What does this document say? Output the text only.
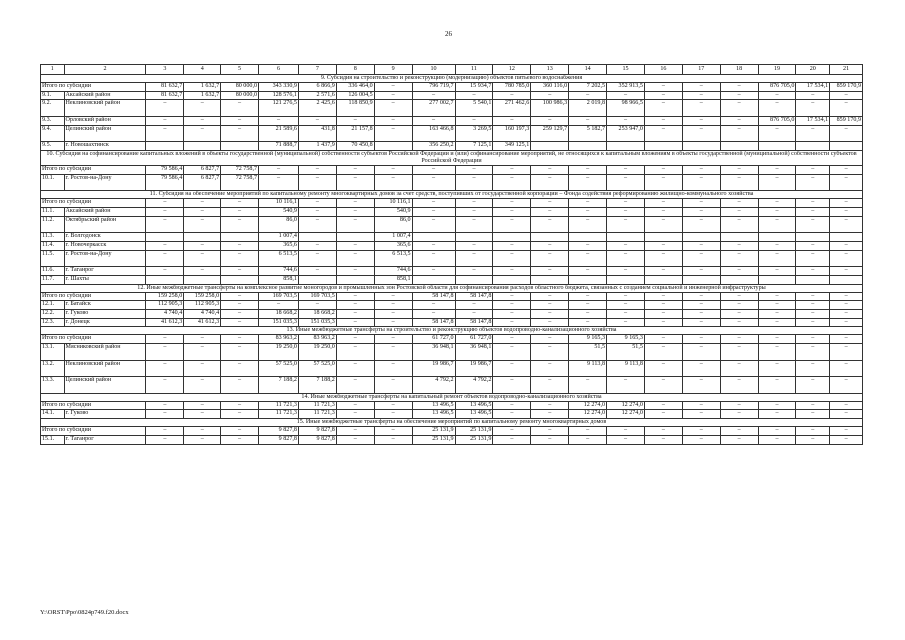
26
1	2	3	4	5	6	7	8	9	10	11	12	13	14	15	16	17	18	19	20	21
9. Субсидия на строительство и реконструкцию (модернизацию) объектов питьевого водоснабжения																				
Итого по субсидии		81 632,7	1 632,7	80 000,0	343 330,9	6 866,9	336 464,0	–	796 719,7	15 934,7	780 785,0	360 116,0	7 202,5	352 913,5	–	–	–	876 705,0	17 534,1	859 170,9
9.1.	Аксайский район	81 632,7	1 632,7	80 000,0	128 576,1	2 571,6	126 004,5	–	–	–	–	–	–	–	–	–	–	–	–	–
9.2.	Неклиновский район	–	–	–	121 276,5	2 425,6	118 850,9	–	277 002,7	5 540,1	271 462,6	100 986,3	2 019,8	98 966,5	–	–	–	–	–	–
9.3.	Орловский район	–	–	–	–	–	–	–	–	–	–	–	–	–	–	–	–	876 705,0	17 534,1	859 170,9
9.4.	Целинский район	–	–	–	21 589,6	431,8	21 157,8	–	163 466,8	3 269,5	160 197,3	259 129,7	5 182,7	253 947,0	–	–	–	–	–	–
9.5.	г. Новошахтинск				71 888,7	1 437,9	70 450,8		356 250,2	7 125,1	349 125,1									
10. Субсидия на софинансирование капитальных вложений в объекты государственной (муниципальной) собственности субъектов Российской Федерации и (или) софинансирование мероприятий, не относящихся к капитальным вложениям в объекты государственной (муниципальной) собственности субъектов Российской Федерации																				
Итого по субсидии		79 586,4	6 827,7	72 758,7	–	–	–	–	–	–	–	–	–	–	–	–	–	–	–	–
10.1.	г. Ростов-на-Дону	79 586,4	6 827,7	72 758,7	–	–	–	–	–	–	–	–	–	–	–	–	–	–	–	–
11. Субсидия на обеспечение мероприятий по капитальному ремонту многоквартирных домов за счет средств, поступивших от государственной корпорации – Фонда содействия реформированию жилищно-коммунального хозяйства																				
Итого по субсидии		–	–	–	10 116,1	–	–	10 116,1	–	–	–	–	–	–	–	–	–	–	–	–
11.1.	Аксайский район	–	–	–	540,9	–	–	540,9	–	–	–	–	–	–	–	–	–	–	–	–
11.2.	Октябрьский район	–	–	–	86,0	–	–	86,0	–	–	–	–	–	–	–	–	–	–	–	–
11.3.	г. Волгодонск				1 007,4			1 007,4												
11.4.	г. Новочеркасск	–	–	–	365,6	–	–	365,6	–	–	–	–	–	–	–	–	–	–	–	–
11.5.	г. Ростов-на-Дону	–	–	–	6 513,5	–	–	6 513,5	–	–	–	–	–	–	–	–	–	–	–	–
11.6.	г. Таганрог	–	–	–	744,6	–	–	744,6	–	–	–	–	–	–	–	–	–	–	–	–
11.7.	г. Шахты				858,1			858,1												
12. Иные межбюджетные трансферты на комплексное развитие моногородов и промышленных зон Ростовской области для софинансирования расходов областного бюджета, связанных с созданием социальной и инженерной инфраструктуры																				
Итого по субсидии		159 258,0	159 258,0	–	169 703,5	169 703,5	–	–	58 147,8	58 147,8	–	–	–	–	–	–	–	–	–	–
12.1.	г. Батайск	112 905,3	112 905,3	–	–	–	–	–	–	–	–	–	–	–	–	–	–	–	–	–
12.2.	г. Гуково	4 740,4	4 740,4	–	18 668,2	18 668,2	–	–	–	–	–	–	–	–	–	–	–	–	–	–
12.3.	г. Донецк	41 612,3	41 612,3	–	151 035,3	151 035,3	–	–	58 147,8	58 147,8	–	–	–	–	–	–	–	–	–	–
13. Иные межбюджетные трансферты на строительство и реконструкцию объектов водопроводно-канализационного хозяйства																				
Итого по субсидии		–	–	–	83 963,2	83 963,2	–	–	61 727,0	61 727,0	–	–	9 165,3	9 165,3	–	–	–	–	–	–
13.1.	Мясниковский район	–	–	–	19 250,0	19 250,0	–	–	36 948,1	36 948,1	–	–	51,5	51,5	–	–	–	–	–	–
13.2.	Неклиновский район	–	–	–	57 525,0	57 525,0	–	–	19 986,7	19 986,7	–	–	9 113,8	9 113,8	–	–	–	–	–	–
13.3.	Целинский район	–	–	–	7 188,2	7 188,2	–	–	4 792,2	4 792,2	–	–	–	–	–	–	–	–	–	–
14. Иные межбюджетные трансферты на капитальный ремонт объектов водопроводно-канализационного хозяйства																				
Итого по субсидии		–	–	–	11 721,3	11 721,3	–	–	13 496,5	13 496,5	–	–	12 274,0	12 274,0	–	–	–	–	–	–
14.1.	г. Гуково	–	–	–	11 721,3	11 721,3	–	–	13 496,5	13 496,5	–	–	12 274,0	12 274,0	–	–	–	–	–	–
15. Иные межбюджетные трансферты на обеспечение мероприятий по капитальному ремонту многоквартирных домов																				
Итого по субсидии		–	–	–	9 827,8	9 827,8	–	–	25 131,9	25 131,9	–	–	–	–	–	–	–	–	–	–
15.1.	г. Таганрог	–	–	–	9 827,8	9 827,8	–	–	25 131,9	25 131,9	–	–	–	–	–	–	–	–	–	–
Y:\ORST\Ppo\0824p749.f20.docx
